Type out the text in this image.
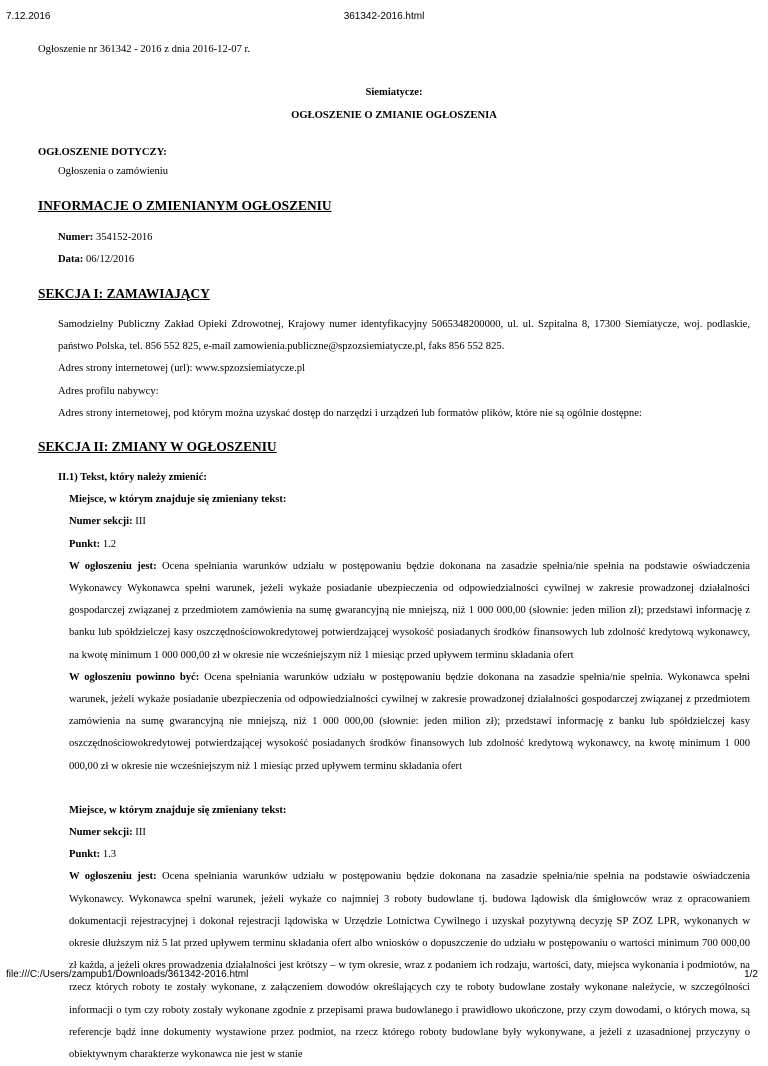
7.12.2016	361342-2016.html

Ogłoszenie nr 361342 - 2016 z dnia 2016-12-07 r.

Siemiatycze:

OGŁOSZENIE O ZMIANIE OGŁOSZENIA

OGŁOSZENIE DOTYCZY:

Ogłoszenia o zamówieniu

INFORMACJE O ZMIENIANYM OGŁOSZENIU

Numer: 354152-2016

Data: 06/12/2016

SEKCJA I: ZAMAWIAJĄCY

Samodzielny Publiczny Zakład Opieki Zdrowotnej, Krajowy numer identyfikacyjny 5065348200000, ul. ul. Szpitalna 8, 17300 Siemiatycze, woj. podlaskie, państwo Polska, tel. 856 552 825, e-mail zamowienia.publiczne@spzozsiemiatycze.pl, faks 856 552 825.

Adres strony internetowej (url): www.spzozsiemiatycze.pl

Adres profilu nabywcy:

Adres strony internetowej, pod którym można uzyskać dostęp do narzędzi i urządzeń lub formatów plików, które nie są ogólnie dostępne:

SEKCJA II: ZMIANY W OGŁOSZENIU

II.1) Tekst, który należy zmienić:

Miejsce, w którym znajduje się zmieniany tekst:

Numer sekcji: III

Punkt: 1.2

W ogłoszeniu jest: Ocena spełniania warunków udziału w postępowaniu będzie dokonana na zasadzie spełnia/nie spełnia na podstawie oświadczenia Wykonawcy Wykonawca spełni warunek, jeżeli wykaże posiadanie ubezpieczenia od odpowiedzialności cywilnej w zakresie prowadzonej działalności gospodarczej związanej z przedmiotem zamówienia na sumę gwarancyjną nie mniejszą, niż 1 000 000,00 (słownie: jeden milion zł); przedstawi informację z banku lub spółdzielczej kasy oszczędnościowokredytowej potwierdzającej wysokość posiadanych środków finansowych lub zdolność kredytową wykonawcy, na kwotę minimum 1 000 000,00 zł w okresie nie wcześniejszym niż 1 miesiąc przed upływem terminu składania ofert

W ogłoszeniu powinno być: Ocena spełniania warunków udziału w postępowaniu będzie dokonana na zasadzie spełnia/nie spełnia. Wykonawca spełni warunek, jeżeli wykaże posiadanie ubezpieczenia od odpowiedzialności cywilnej w zakresie prowadzonej działalności gospodarczej związanej z przedmiotem zamówienia na sumę gwarancyjną nie mniejszą, niż 1 000 000,00 (słownie: jeden milion zł); przedstawi informację z banku lub spółdzielczej kasy oszczędnościowokredytowej potwierdzającej wysokość posiadanych środków finansowych lub zdolność kredytową wykonawcy, na kwotę minimum 1 000 000,00 zł w okresie nie wcześniejszym niż 1 miesiąc przed upływem terminu składania ofert

Miejsce, w którym znajduje się zmieniany tekst:

Numer sekcji: III

Punkt: 1.3

W ogłoszeniu jest: Ocena spełniania warunków udziału w postępowaniu będzie dokonana na zasadzie spełnia/nie spełnia na podstawie oświadczenia Wykonawcy. Wykonawca spełni warunek, jeżeli wykaże co najmniej 3 roboty budowlane tj. budowa lądowisk dla śmigłowców wraz z opracowaniem dokumentacji rejestracyjnej i dokonał rejestracji lądowiska w Urzędzie Lotnictwa Cywilnego i uzyskał pozytywną decyzję SP ZOZ LPR, wykonanych w okresie dłuższym niż 5 lat przed upływem terminu składania ofert albo wniosków o dopuszczenie do udziału w postępowaniu o wartości minimum 700 000,00 zł każda, a jeżeli okres prowadzenia działalności jest krótszy – w tym okresie, wraz z podaniem ich rodzaju, wartości, daty, miejsca wykonania i podmiotów, na rzecz których roboty te zostały wykonane, z załączeniem dowodów określających czy te roboty budowlane zostały wykonane należycie, w szczególności informacji o tym czy roboty zostały wykonane zgodnie z przepisami prawa budowlanego i prawidłowo ukończone, przy czym dowodami, o których mowa, są referencje bądź inne dokumenty wystawione przez podmiot, na rzecz którego roboty budowlane były wykonywane, a jeżeli z uzasadnionej przyczyny o obiektywnym charakterze wykonawca nie jest w stanie

file:///C:/Users/zampub1/Downloads/361342-2016.html	1/2
